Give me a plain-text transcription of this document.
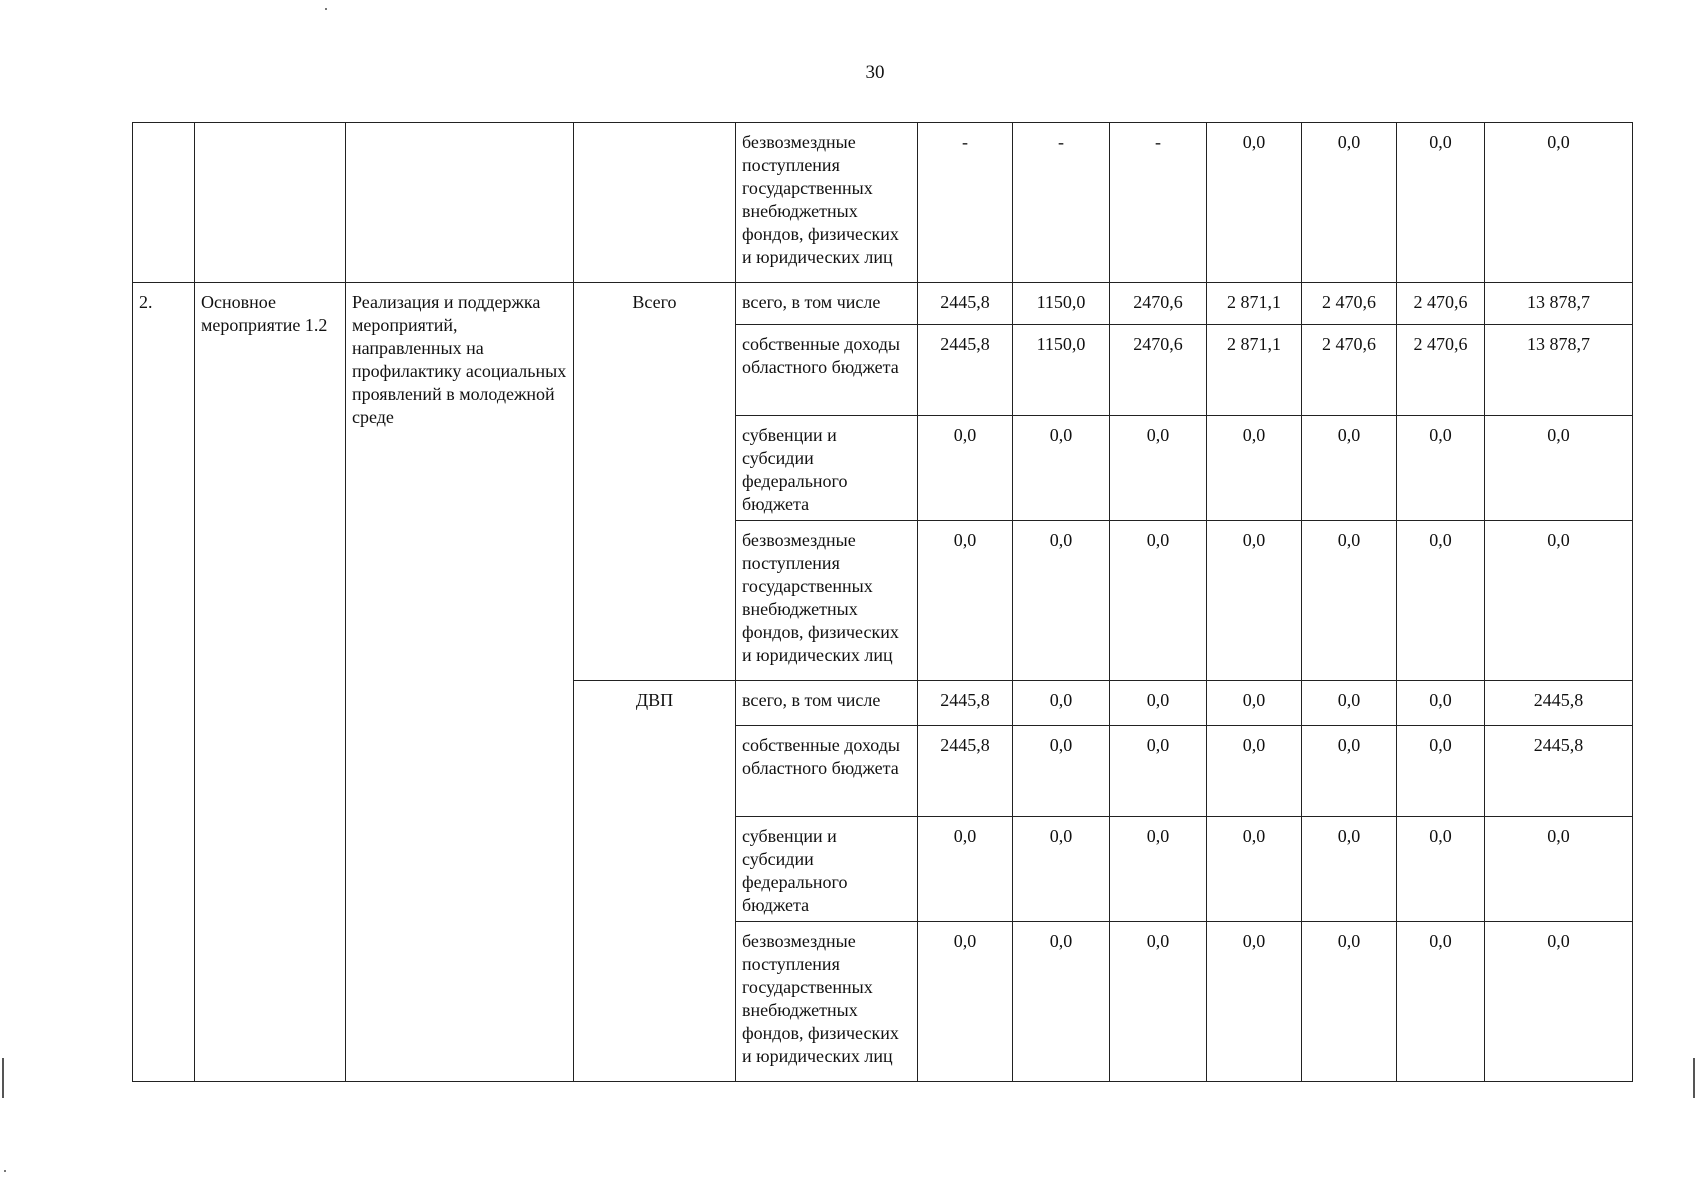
30
				безвозмездные поступления государственных внебюджетных фондов, физических и юридических лиц	-	-	-	0,0	0,0	0,0	0,0
2.	Основное мероприятие 1.2	Реализация и поддержка мероприятий, направленных на профилактику асоциальных проявлений в молодежной среде	Всего	всего, в том числе	2445,8	1150,0	2470,6	2 871,1	2 470,6	2 470,6	13 878,7
				собственные доходы областного бюджета	2445,8	1150,0	2470,6	2 871,1	2 470,6	2 470,6	13 878,7
				субвенции и субсидии федерального бюджета	0,0	0,0	0,0	0,0	0,0	0,0	0,0
				безвозмездные поступления государственных внебюджетных фондов, физических и юридических лиц	0,0	0,0	0,0	0,0	0,0	0,0	0,0
			ДВП	всего, в том числе	2445,8	0,0	0,0	0,0	0,0	0,0	2445,8
				собственные доходы областного бюджета	2445,8	0,0	0,0	0,0	0,0	0,0	2445,8
				субвенции и субсидии федерального бюджета	0,0	0,0	0,0	0,0	0,0	0,0	0,0
				безвозмездные поступления государственных внебюджетных фондов, физических и юридических лиц	0,0	0,0	0,0	0,0	0,0	0,0	0,0
